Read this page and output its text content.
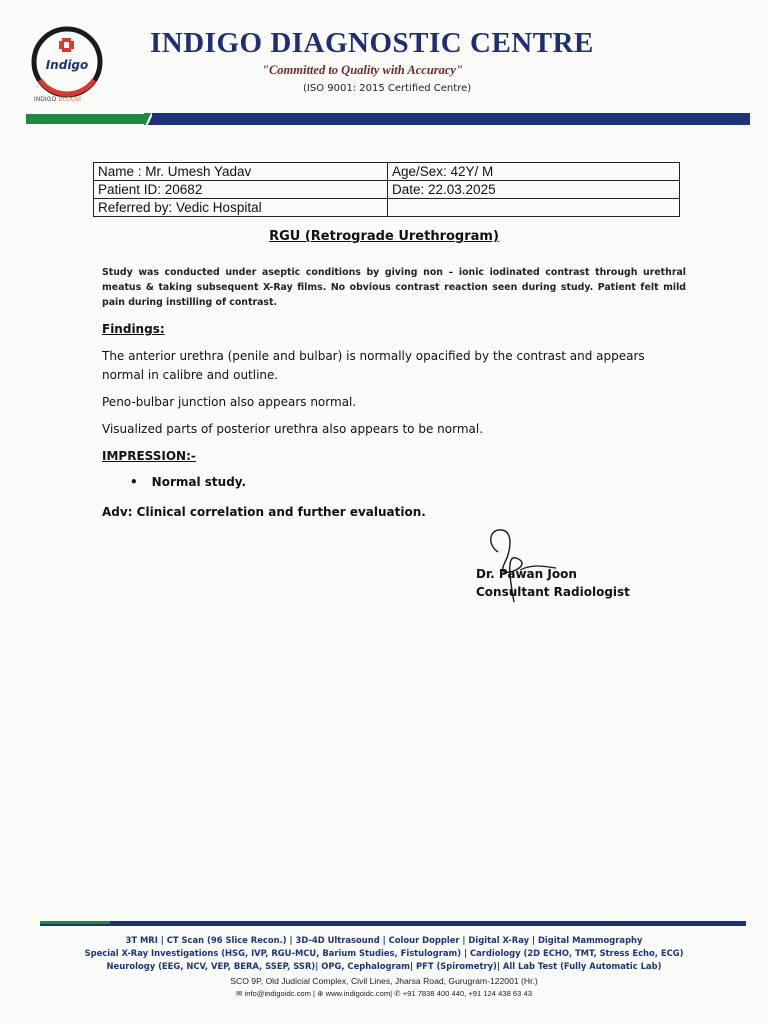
Indigo
INDIGO BLOOM
INDIGO DIAGNOSTIC CENTRE
"Committed to Quality with Accuracy"
(ISO 9001: 2015 Certified Centre)
Name : Mr. Umesh Yadav	Age/Sex: 42Y/ M
Patient ID: 20682	Date: 22.03.2025
Referred by: Vedic Hospital	
RGU (Retrograde Urethrogram)
Study was conducted under aseptic conditions by giving non – ionic iodinated contrast through urethral meatus & taking subsequent X-Ray films. No obvious contrast reaction seen during study. Patient felt mild pain during instilling of contrast.
Findings:
The anterior urethra (penile and bulbar) is normally opacified by the contrast and appears normal in calibre and outline.
Peno-bulbar junction also appears normal.
Visualized parts of posterior urethra also appears to be normal.
IMPRESSION:-
• Normal study.
Adv: Clinical correlation and further evaluation.
Dr. Pawan Joon
Consultant Radiologist
3T MRI | CT Scan (96 Slice Recon.) | 3D-4D Ultrasound | Colour Doppler | Digital X-Ray | Digital Mammography
Special X-Ray Investigations (HSG, IVP, RGU-MCU, Barium Studies, Fistulogram) | Cardiology (2D ECHO, TMT, Stress Echo, ECG)
Neurology (EEG, NCV, VEP, BERA, SSEP, SSR)| OPG, Cephalogram| PFT (Spirometry)| All Lab Test (Fully Automatic Lab)
SCO 9P, Old Judicial Complex, Civil Lines, Jharsa Road, Gurugram-122001 (Hr.)
✉ info@indigoidc.com | ⊕ www.indigoidc.com| ✆ +91 7838 400 440, +91 124 438 63 43
